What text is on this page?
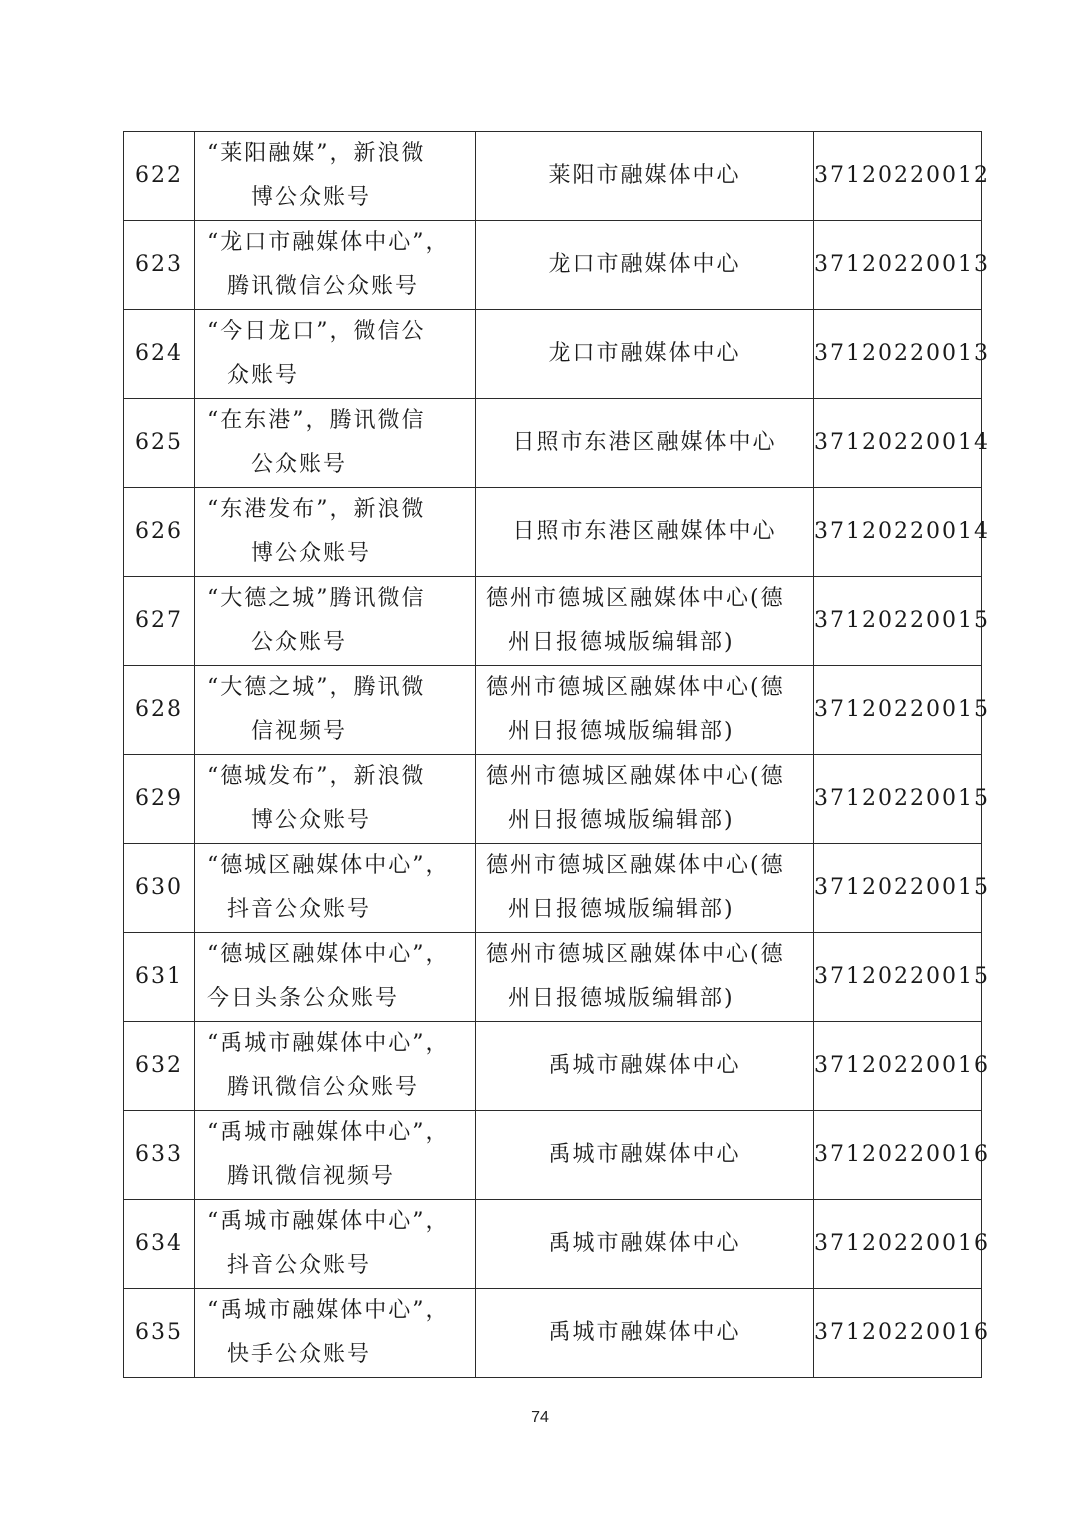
622	“莱阳融媒”，新浪微
博公众账号	莱阳市融媒体中心	37120220012
623	“龙口市融媒体中心”，
腾讯微信公众账号	龙口市融媒体中心	37120220013
624	“今日龙口”，微信公
众账号	龙口市融媒体中心	37120220013
625	“在东港”，腾讯微信
公众账号	日照市东港区融媒体中心	37120220014
626	“东港发布”，新浪微
博公众账号	日照市东港区融媒体中心	37120220014
627	“大德之城”腾讯微信
公众账号	德州市德城区融媒体中心(德
州日报德城版编辑部)	37120220015
628	“大德之城”，腾讯微
信视频号	德州市德城区融媒体中心(德
州日报德城版编辑部)	37120220015
629	“德城发布”，新浪微
博公众账号	德州市德城区融媒体中心(德
州日报德城版编辑部)	37120220015
630	“德城区融媒体中心”，
抖音公众账号	德州市德城区融媒体中心(德
州日报德城版编辑部)	37120220015
631	“德城区融媒体中心”，
今日头条公众账号	德州市德城区融媒体中心(德
州日报德城版编辑部)	37120220015
632	“禹城市融媒体中心”，
腾讯微信公众账号	禹城市融媒体中心	37120220016
633	“禹城市融媒体中心”，
腾讯微信视频号	禹城市融媒体中心	37120220016
634	“禹城市融媒体中心”，
抖音公众账号	禹城市融媒体中心	37120220016
635	“禹城市融媒体中心”，
快手公众账号	禹城市融媒体中心	37120220016
74
